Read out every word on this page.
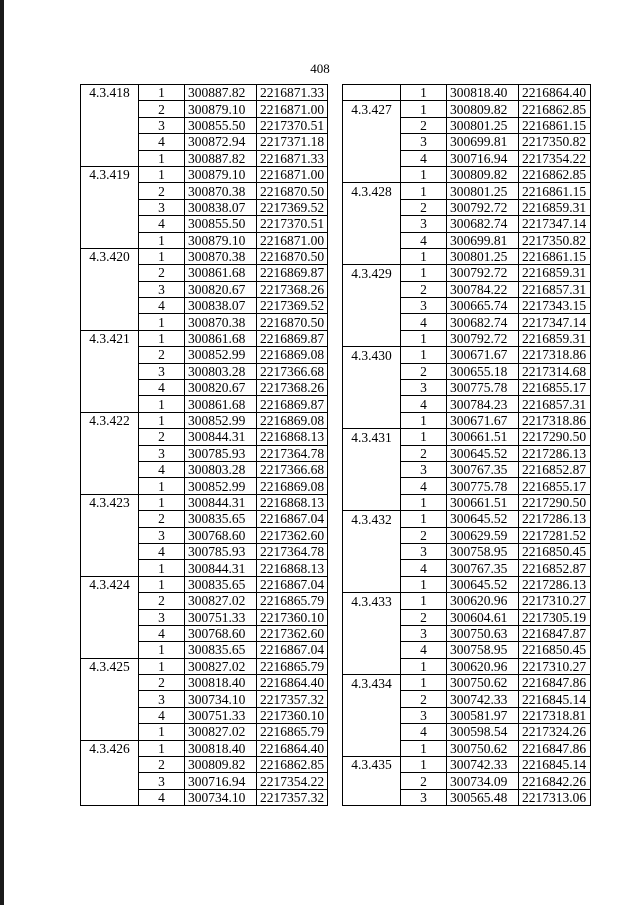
408
4.3.418	1	300887.82	2216871.33
	2	300879.10	2216871.00
	3	300855.50	2217370.51
	4	300872.94	2217371.18
	1	300887.82	2216871.33
4.3.419	1	300879.10	2216871.00
	2	300870.38	2216870.50
	3	300838.07	2217369.52
	4	300855.50	2217370.51
	1	300879.10	2216871.00
4.3.420	1	300870.38	2216870.50
	2	300861.68	2216869.87
	3	300820.67	2217368.26
	4	300838.07	2217369.52
	1	300870.38	2216870.50
4.3.421	1	300861.68	2216869.87
	2	300852.99	2216869.08
	3	300803.28	2217366.68
	4	300820.67	2217368.26
	1	300861.68	2216869.87
4.3.422	1	300852.99	2216869.08
	2	300844.31	2216868.13
	3	300785.93	2217364.78
	4	300803.28	2217366.68
	1	300852.99	2216869.08
4.3.423	1	300844.31	2216868.13
	2	300835.65	2216867.04
	3	300768.60	2217362.60
	4	300785.93	2217364.78
	1	300844.31	2216868.13
4.3.424	1	300835.65	2216867.04
	2	300827.02	2216865.79
	3	300751.33	2217360.10
	4	300768.60	2217362.60
	1	300835.65	2216867.04
4.3.425	1	300827.02	2216865.79
	2	300818.40	2216864.40
	3	300734.10	2217357.32
	4	300751.33	2217360.10
	1	300827.02	2216865.79
4.3.426	1	300818.40	2216864.40
	2	300809.82	2216862.85
	3	300716.94	2217354.22
	4	300734.10	2217357.32
	1	300818.40	2216864.40
4.3.427	1	300809.82	2216862.85
	2	300801.25	2216861.15
	3	300699.81	2217350.82
	4	300716.94	2217354.22
	1	300809.82	2216862.85
4.3.428	1	300801.25	2216861.15
	2	300792.72	2216859.31
	3	300682.74	2217347.14
	4	300699.81	2217350.82
	1	300801.25	2216861.15
4.3.429	1	300792.72	2216859.31
	2	300784.22	2216857.31
	3	300665.74	2217343.15
	4	300682.74	2217347.14
	1	300792.72	2216859.31
4.3.430	1	300671.67	2217318.86
	2	300655.18	2217314.68
	3	300775.78	2216855.17
	4	300784.23	2216857.31
	1	300671.67	2217318.86
4.3.431	1	300661.51	2217290.50
	2	300645.52	2217286.13
	3	300767.35	2216852.87
	4	300775.78	2216855.17
	1	300661.51	2217290.50
4.3.432	1	300645.52	2217286.13
	2	300629.59	2217281.52
	3	300758.95	2216850.45
	4	300767.35	2216852.87
	1	300645.52	2217286.13
4.3.433	1	300620.96	2217310.27
	2	300604.61	2217305.19
	3	300750.63	2216847.87
	4	300758.95	2216850.45
	1	300620.96	2217310.27
4.3.434	1	300750.62	2216847.86
	2	300742.33	2216845.14
	3	300581.97	2217318.81
	4	300598.54	2217324.26
	1	300750.62	2216847.86
4.3.435	1	300742.33	2216845.14
	2	300734.09	2216842.26
	3	300565.48	2217313.06
